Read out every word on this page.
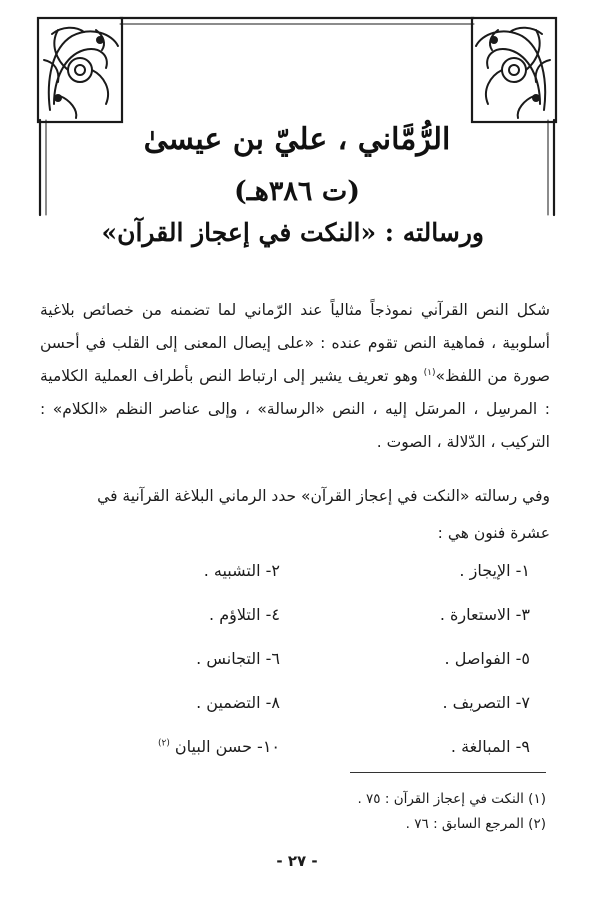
الرُّمَّاني ، عليّ بن عيسىٰ
(ت ٣٨٦هـ)
ورسالته : «النكت في إعجاز القرآن»
شكل النص القرآني نموذجاً مثالياً عند الرّماني لما تضمنه من خصائص بلاغية أسلوبية ، فماهية النص تقوم عنده : «على إيصال المعنى إلى القلب في أحسن صورة من اللفظ»$^{(١)}$ وهو تعريف يشير إلى ارتباط النص بأطراف العملية الكلامية : المرسِل ، المرسَل إليه ، النص «الرسالة» ، وإلى عناصر النظم «الكلام» : التركيب ، الدّلالة ، الصوت .
وفي رسالته «النكت في إعجاز القرآن» حدد الرماني البلاغة القرآنية في
عشرة فنون هي :
١- الإيجاز .
٢- التشبيه .
٣- الاستعارة .
٤- التلاؤم .
٥- الفواصل .
٦- التجانس .
٧- التصريف .
٨- التضمين .
٩- المبالغة .
١٠- حسن البيان $^{(٢)}$
(١) النكت في إعجاز القرآن : ٧٥ .
(٢) المرجع السابق : ٧٦ .
- ٢٧ -
